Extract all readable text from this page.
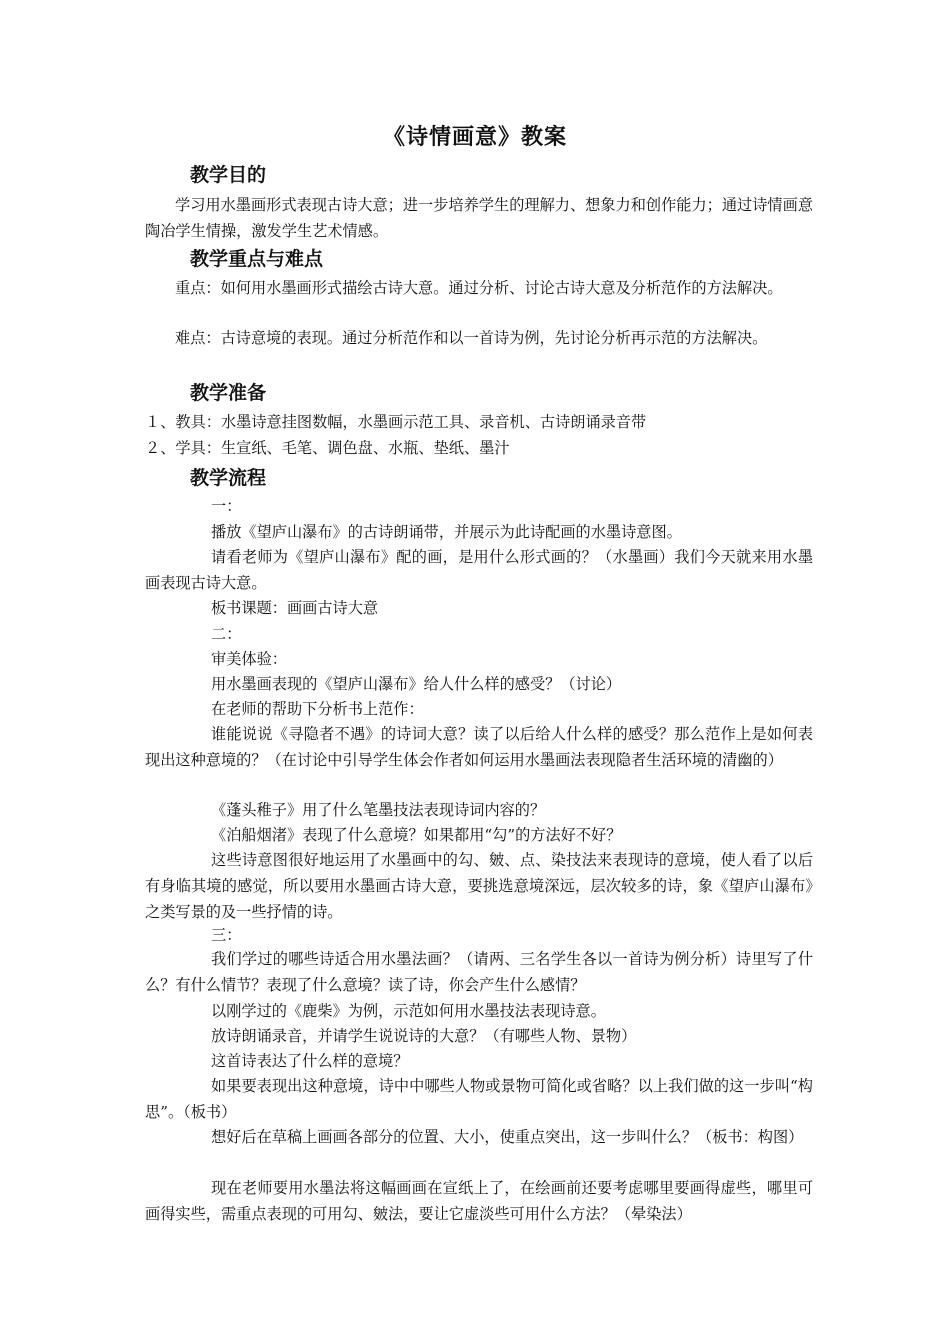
《诗情画意》教案
教学目的

学习用水墨画形式表现古诗大意；进一步培养学生的理解力、想象力和创作能力；通过诗情画意陶冶学生情操，激发学生艺术情感。

教学重点与难点

重点：如何用水墨画形式描绘古诗大意。通过分析、讨论古诗大意及分析范作的方法解决。

难点：古诗意境的表现。通过分析范作和以一首诗为例，先讨论分析再示范的方法解决。

教学准备

１、教具：水墨诗意挂图数幅，水墨画示范工具、录音机、古诗朗诵录音带

２、学具：生宣纸、毛笔、调色盘、水瓶、垫纸、墨汁

教学流程

一：

播放《望庐山瀑布》的古诗朗诵带，并展示为此诗配画的水墨诗意图。

请看老师为《望庐山瀑布》配的画，是用什么形式画的？（水墨画）我们今天就来用水墨画表现古诗大意。

板书课题：画画古诗大意

二：

审美体验：

用水墨画表现的《望庐山瀑布》给人什么样的感受？（讨论）

在老师的帮助下分析书上范作：

谁能说说《寻隐者不遇》的诗词大意？读了以后给人什么样的感受？那么范作上是如何表现出这种意境的？（在讨论中引导学生体会作者如何运用水墨画法表现隐者生活环境的清幽的）

《蓬头稚子》用了什么笔墨技法表现诗词内容的？

《泊船烟渚》表现了什么意境？如果都用“勾”的方法好不好？

这些诗意图很好地运用了水墨画中的勾、皴、点、染技法来表现诗的意境，使人看了以后有身临其境的感觉，所以要用水墨画古诗大意，要挑选意境深远，层次较多的诗，象《望庐山瀑布》之类写景的及一些抒情的诗。

三：

我们学过的哪些诗适合用水墨法画？（请两、三名学生各以一首诗为例分析）诗里写了什么？有什么情节？表现了什么意境？读了诗，你会产生什么感情？

以刚学过的《鹿柴》为例，示范如何用水墨技法表现诗意。

放诗朗诵录音，并请学生说说诗的大意？（有哪些人物、景物）

这首诗表达了什么样的意境？

如果要表现出这种意境，诗中中哪些人物或景物可简化或省略？以上我们做的这一步叫“构思”。（板书）

想好后在草稿上画画各部分的位置、大小，使重点突出，这一步叫什么？（板书：构图）

现在老师要用水墨法将这幅画画在宣纸上了，在绘画前还要考虑哪里要画得虚些，哪里可画得实些，需重点表现的可用勾、皴法，要让它虚淡些可用什么方法？（晕染法）
